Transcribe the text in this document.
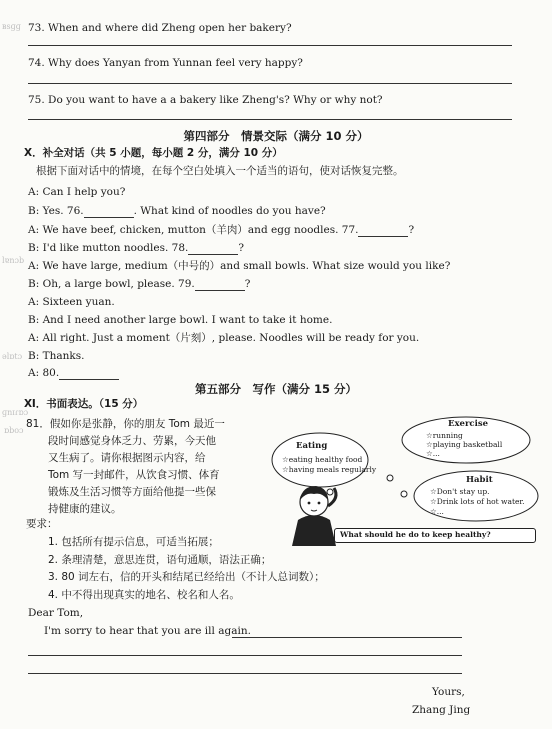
ʙsɡɡ
lɐnɔb
əlɒtɔ
ɡnɪɾɒɔ
ɒboɔ
73. When and where did Zheng open her bakery?
74. Why does Yanyan from Yunnan feel very happy?
75. Do you want to have a a bakery like Zheng's? Why or why not?
第四部分　情景交际（满分 10 分）
X．补全对话（共 5 小题，每小题 2 分，满分 10 分）
根据下面对话中的情境，在每个空白处填入一个适当的语句，使对话恢复完整。
A: Can I help you?
B: Yes. 76.	. What kind of noodles do you have?
A: We have beef, chicken, mutton（羊肉）and egg noodles. 77.	?
B: I'd like mutton noodles. 78.	?
A: We have large, medium（中号的）and small bowls. What size would you like?
B: Oh, a large bowl, please. 79.	?
A: Sixteen yuan.
B: And I need another large bowl. I want to take it home.
A: All right. Just a moment（片刻）, please. Noodles will be ready for you.
B: Thanks.
A: 80.
第五部分　写作（满分 15 分）
Ⅺ．书面表达。（15 分）
81．假如你是张静，你的朋友 Tom 最近一
段时间感觉身体乏力、劳累，今天他
又生病了。请你根据图示内容，给
Tom 写一封邮件，从饮食习惯、体育
锻炼及生活习惯等方面给他提一些保
持健康的建议。
Eating
☆eating healthy food
☆having meals regularly
Exercise
☆running
☆playing basketball
☆...
Habit
☆Don't stay up.
☆Drink lots of hot water.
☆...
What should he do to keep healthy?
要求：
1. 包括所有提示信息，可适当拓展；
2. 条理清楚，意思连贯，语句通顺，语法正确；
3. 80 词左右，信的开头和结尾已经给出（不计人总词数）；
4. 中不得出现真实的地名、校名和人名。
Dear Tom,
I'm sorry to hear that you are ill again.
Yours,
Zhang Jing
